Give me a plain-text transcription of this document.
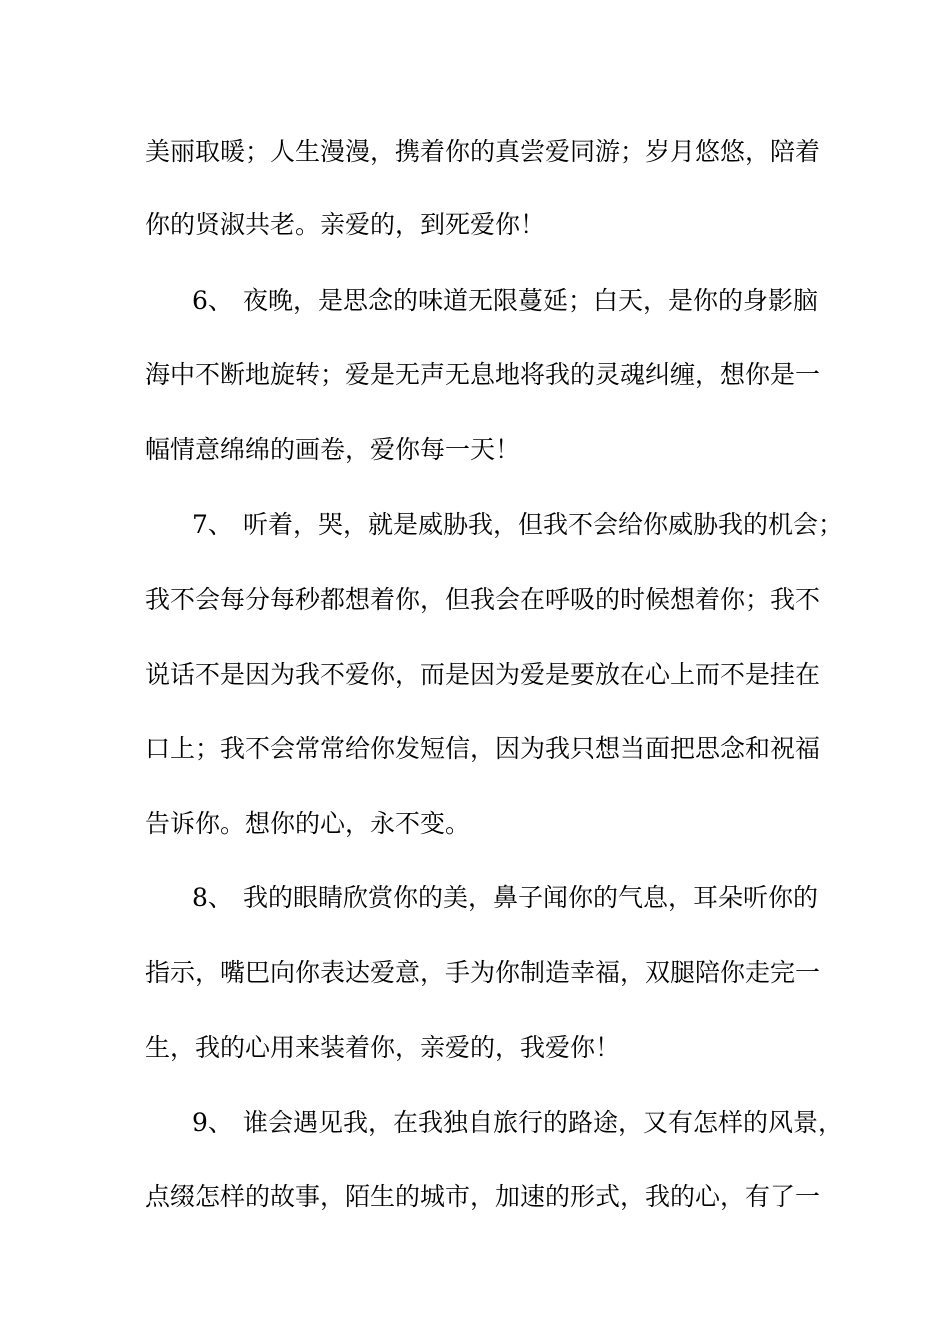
美丽取暖；人生漫漫，携着你的真尝爱同游；岁月悠悠，陪着
你的贤淑共老。亲爱的，到死爱你！
6、 夜晚，是思念的味道无限蔓延；白天，是你的身影脑
海中不断地旋转；爱是无声无息地将我的灵魂纠缠，想你是一
幅情意绵绵的画卷，爱你每一天！
7、 听着，哭，就是威胁我，但我不会给你威胁我的机会；
我不会每分每秒都想着你，但我会在呼吸的时候想着你；我不
说话不是因为我不爱你，而是因为爱是要放在心上而不是挂在
口上；我不会常常给你发短信，因为我只想当面把思念和祝福
告诉你。想你的心，永不变。
8、 我的眼睛欣赏你的美，鼻子闻你的气息，耳朵听你的
指示，嘴巴向你表达爱意，手为你制造幸福，双腿陪你走完一
生，我的心用来装着你，亲爱的，我爱你！
9、 谁会遇见我，在我独自旅行的路途，又有怎样的风景，
点缀怎样的故事，陌生的城市，加速的形式，我的心，有了一
